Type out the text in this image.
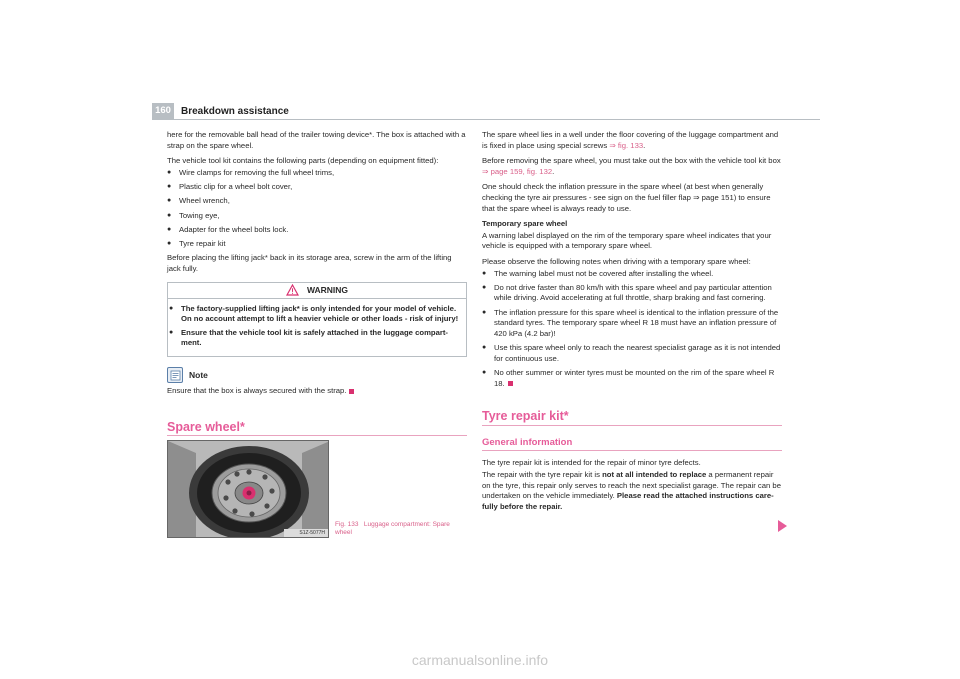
160	Breakdown assistance

here for the removable ball head of the trailer towing device*. The box is attached with a strap on the spare wheel.

The vehicle tool kit contains the following parts (depending on equipment fitted):

● Wire clamps for removing the full wheel trims,
● Plastic clip for a wheel bolt cover,
● Wheel wrench,
● Towing eye,
● Adapter for the wheel bolts lock.
● Tyre repair kit

Before placing the lifting jack* back in its storage area, screw in the arm of the lifting jack fully.

WARNING
● The factory-supplied lifting jack* is only intended for your model of vehicle. On no account attempt to lift a heavier vehicle or other loads - risk of injury!
● Ensure that the vehicle tool kit is safely attached in the luggage compart-ment.
Note

Ensure that the box is always secured with the strap.

Spare wheel*
S1Z-5077H
Fig. 133 Luggage compartment: Spare wheel

The spare wheel lies in a well under the floor covering of the luggage compartment and is fixed in place using special screws ⇒ fig. 133.

Before removing the spare wheel, you must take out the box with the vehicle tool kit box ⇒ page 159, fig. 132.

One should check the inflation pressure in the spare wheel (at best when generally checking the tyre air pressures - see sign on the fuel filler flap ⇒ page 151) to ensure that the spare wheel is always ready to use.

Temporary spare wheel

A warning label displayed on the rim of the temporary spare wheel indicates that your vehicle is equipped with a temporary spare wheel.

Please observe the following notes when driving with a temporary spare wheel:

● The warning label must not be covered after installing the wheel.
● Do not drive faster than 80 km/h with this spare wheel and pay particular attention while driving. Avoid accelerating at full throttle, sharp braking and fast cornering.
● The inflation pressure for this spare wheel is identical to the inflation pressure of the standard tyres. The temporary spare wheel R 18 must have an inflation pressure of 420 kPa (4.2 bar)!
● Use this spare wheel only to reach the nearest specialist garage as it is not intended for continuous use.
● No other summer or winter tyres must be mounted on the rim of the spare wheel R 18.
Tyre repair kit*
General information

The tyre repair kit is intended for the repair of minor tyre defects.

The repair with the tyre repair kit is not at all intended to replace a permanent repair on the tyre, this repair only serves to reach the next specialist garage. The repair can be undertaken on the vehicle immediately. Please read the attached instructions care-fully before the repair.

carmanualsonline.info
